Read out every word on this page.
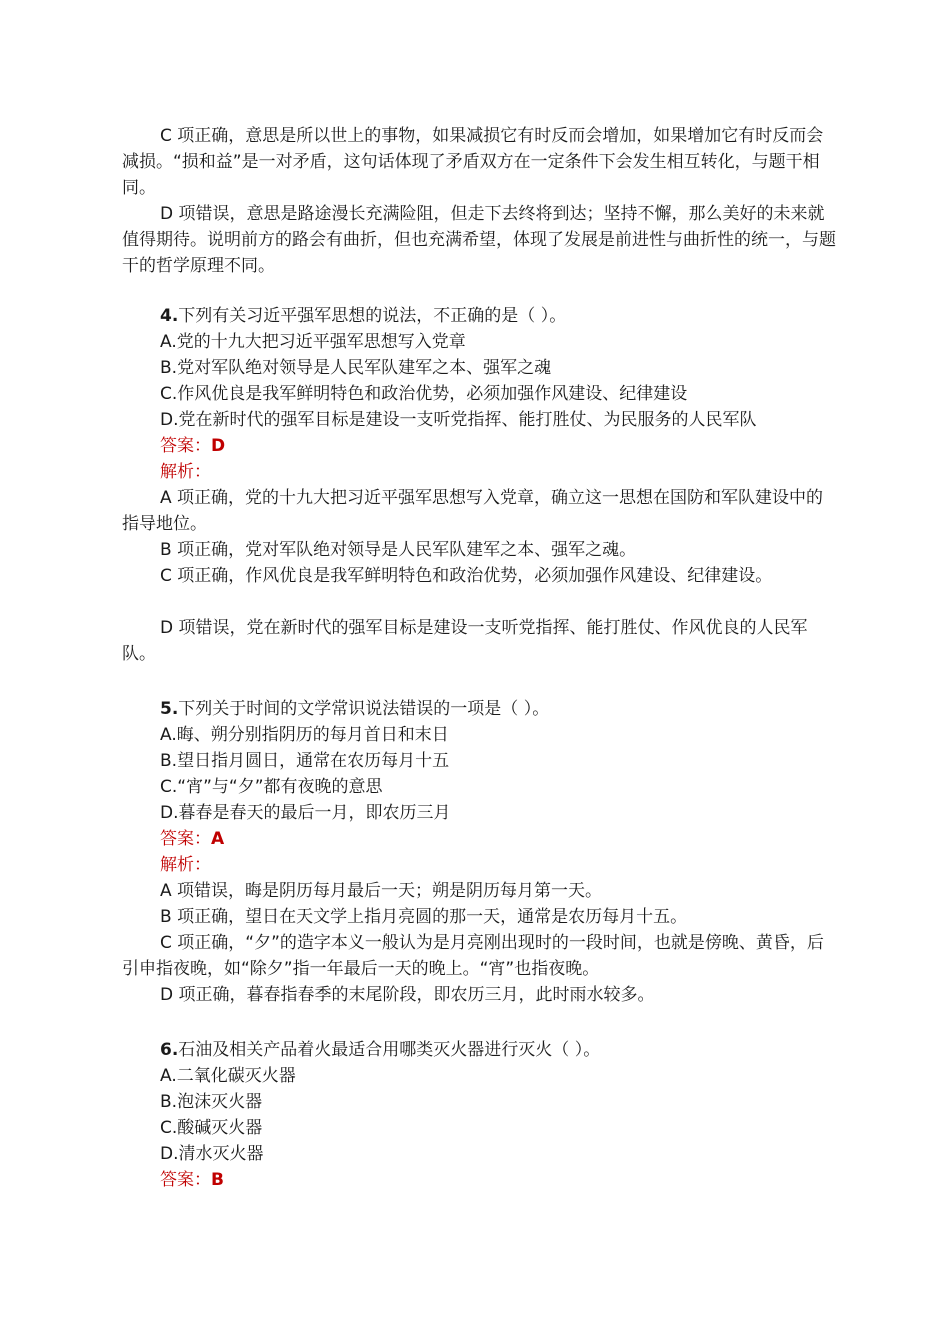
C 项正确，意思是所以世上的事物，如果减损它有时反而会增加，如果增加它有时反而会减损。“损和益”是一对矛盾，这句话体现了矛盾双方在一定条件下会发生相互转化，与题干相同。

D 项错误，意思是路途漫长充满险阻，但走下去终将到达；坚持不懈，那么美好的未来就值得期待。说明前方的路会有曲折，但也充满希望，体现了发展是前进性与曲折性的统一，与题干的哲学原理不同。

4.下列有关习近平强军思想的说法，不正确的是（ ）。

A.党的十九大把习近平强军思想写入党章

B.党对军队绝对领导是人民军队建军之本、强军之魂

C.作风优良是我军鲜明特色和政治优势，必须加强作风建设、纪律建设

D.党在新时代的强军目标是建设一支听党指挥、能打胜仗、为民服务的人民军队

答案：D

解析：

A 项正确，党的十九大把习近平强军思想写入党章，确立这一思想在国防和军队建设中的指导地位。

B 项正确，党对军队绝对领导是人民军队建军之本、强军之魂。

C 项正确，作风优良是我军鲜明特色和政治优势，必须加强作风建设、纪律建设。

D 项错误，党在新时代的强军目标是建设一支听党指挥、能打胜仗、作风优良的人民军队。

5.下列关于时间的文学常识说法错误的一项是（ ）。

A.晦、朔分别指阴历的每月首日和末日

B.望日指月圆日，通常在农历每月十五

C.“宵”与“夕”都有夜晚的意思

D.暮春是春天的最后一月，即农历三月

答案：A

解析：

A 项错误，晦是阴历每月最后一天；朔是阴历每月第一天。

B 项正确，望日在天文学上指月亮圆的那一天，通常是农历每月十五。

C 项正确，“夕”的造字本义一般认为是月亮刚出现时的一段时间，也就是傍晚、黄昏，后引申指夜晚，如“除夕”指一年最后一天的晚上。“宵”也指夜晚。

D 项正确，暮春指春季的末尾阶段，即农历三月，此时雨水较多。

6.石油及相关产品着火最适合用哪类灭火器进行灭火（ ）。

A.二氧化碳灭火器

B.泡沫灭火器

C.酸碱灭火器

D.清水灭火器

答案：B
